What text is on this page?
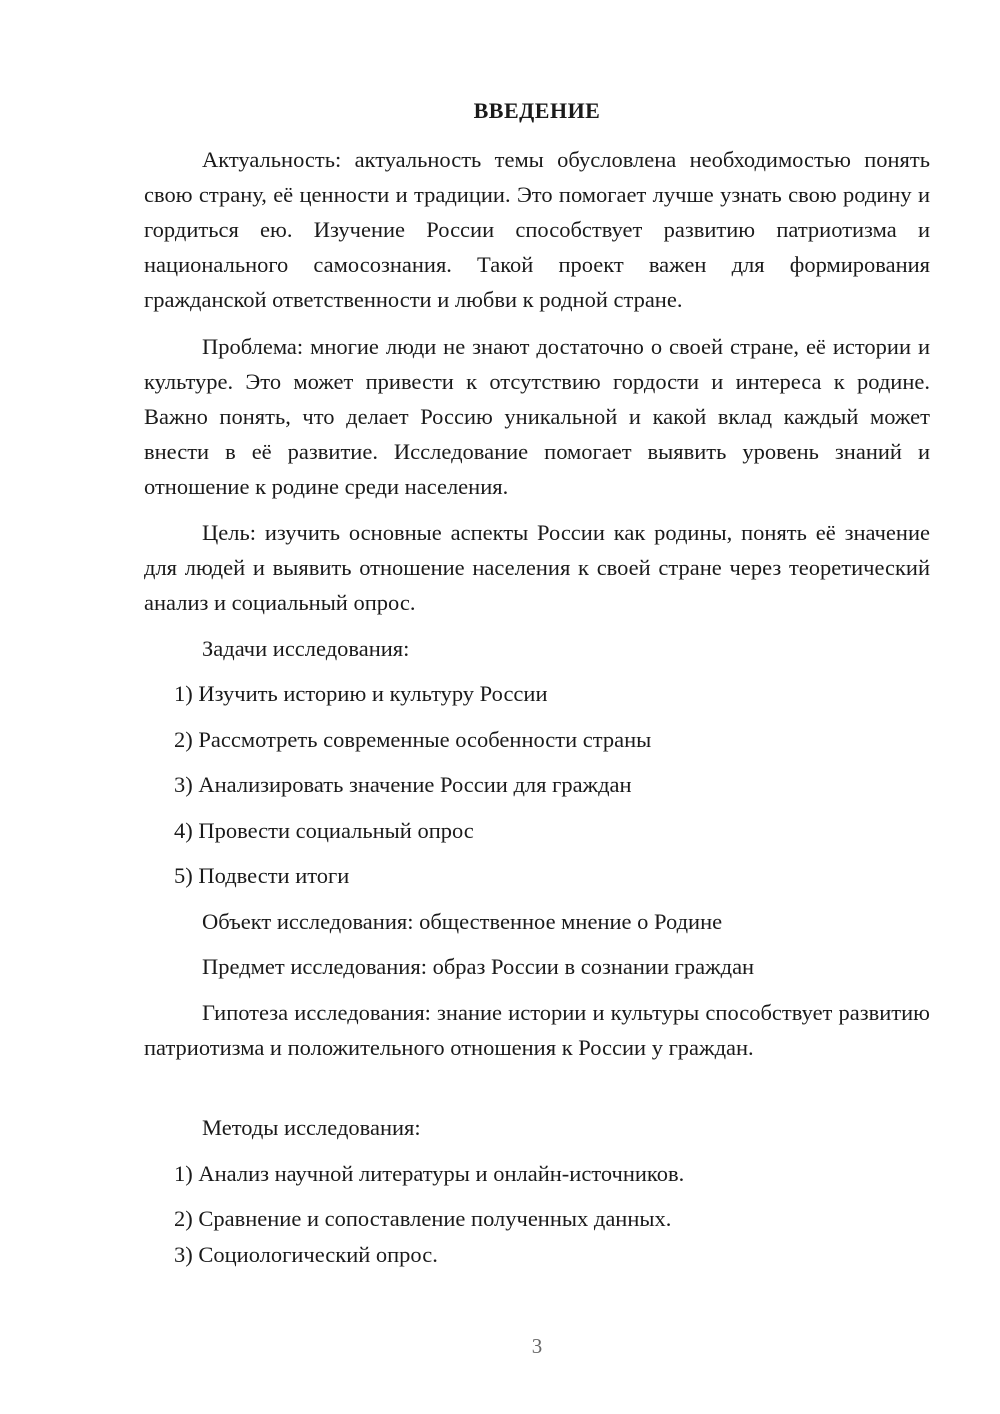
ВВЕДЕНИЕ

Актуальность: актуальность темы обусловлена необходимостью понять свою страну, её ценности и традиции. Это помогает лучше узнать свою родину и гордиться ею. Изучение России способствует развитию патриотизма и национального самосознания. Такой проект важен для формирования гражданской ответственности и любви к родной стране.

Проблема: многие люди не знают достаточно о своей стране, её истории и культуре. Это может привести к отсутствию гордости и интереса к родине. Важно понять, что делает Россию уникальной и какой вклад каждый может внести в её развитие. Исследование помогает выявить уровень знаний и отношение к родине среди населения.

Цель: изучить основные аспекты России как родины, понять её значение для людей и выявить отношение населения к своей стране через теоретический анализ и социальный опрос.

Задачи исследования:

1) Изучить историю и культуру России

2) Рассмотреть современные особенности страны

3) Анализировать значение России для граждан

4) Провести социальный опрос

5) Подвести итоги

Объект исследования: общественное мнение о Родине

Предмет исследования: образ России в сознании граждан

Гипотеза исследования: знание истории и культуры способствует развитию патриотизма и положительного отношения к России у граждан.

Методы исследования:

1) Анализ научной литературы и онлайн-источников.

2) Сравнение и сопоставление полученных данных.

3) Социологический опрос.

3
